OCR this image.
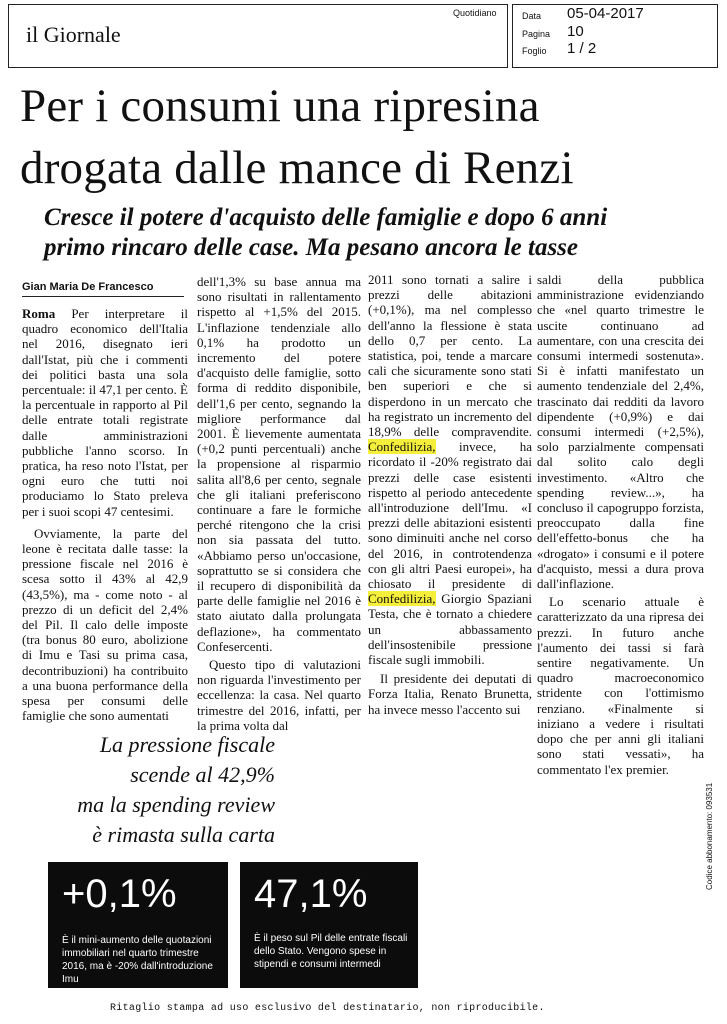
il Giornale
Quotidiano	Data 05-04-2017
Pagina 10
Foglio 1 / 2
Per i consumi una ripresina
drogata dalle mance di Renzi
Cresce il potere d'acquisto delle famiglie e dopo 6 anni
primo rincaro delle case. Ma pesano ancora le tasse
Gian Maria De Francesco

Roma Per interpretare il quadro economico dell'Italia nel 2016, disegnato ieri dall'Istat, più che i commenti dei politici basta una sola percentuale: il 47,1 per cento. È la percentuale in rapporto al Pil delle entrate totali registrate dalle amministrazioni pubbliche l'anno scorso. In pratica, ha reso noto l'Istat, per ogni euro che tutti noi produciamo lo Stato preleva per i suoi scopi 47 centesimi.

Ovviamente, la parte del leone è recitata dalle tasse: la pressione fiscale nel 2016 è scesa sotto il 43% al 42,9 (43,5%), ma - come noto - al prezzo di un deficit del 2,4% del Pil. Il calo delle imposte (tra bonus 80 euro, abolizione di Imu e Tasi su prima casa, decontribuzioni) ha contribuito a una buona performance della spesa per consumi delle famiglie che sono aumentati

dell'1,3% su base annua ma sono risultati in rallentamento rispetto al +1,5% del 2015. L'inflazione tendenziale allo 0,1% ha prodotto un incremento del potere d'acquisto delle famiglie, sotto forma di reddito disponibile, dell'1,6 per cento, segnando la migliore performance dal 2001. È lievemente aumentata (+0,2 punti percentuali) anche la propensione al risparmio salita all'8,6 per cento, segnale che gli italiani preferiscono continuare a fare le formiche perché ritengono che la crisi non sia passata del tutto. «Abbiamo perso un'occasione, soprattutto se si considera che il recupero di disponibilità da parte delle famiglie nel 2016 è stato aiutato dalla prolungata deflazione», ha commentato Confesercenti.

Questo tipo di valutazioni non riguarda l'investimento per eccellenza: la casa. Nel quarto trimestre del 2016, infatti, per la prima volta dal

2011 sono tornati a salire i prezzi delle abitazioni (+0,1%), ma nel complesso dell'anno la flessione è stata dello 0,7 per cento. La statistica, poi, tende a marcare cali che sicuramente sono stati ben superiori e che si disperdono in un mercato che ha registrato un incremento del 18,9% delle compravendite. Confedilizia, invece, ha ricordato il -20% registrato dai prezzi delle case esistenti rispetto al periodo antecedente all'introduzione dell'Imu. «I prezzi delle abitazioni esistenti sono diminuiti anche nel corso del 2016, in controtendenza con gli altri Paesi europei», ha chiosato il presidente di Confedilizia, Giorgio Spaziani Testa, che è tornato a chiedere un abbassamento dell'insostenibile pressione fiscale sugli immobili.

Il presidente dei deputati di Forza Italia, Renato Brunetta, ha invece messo l'accento sui

saldi della pubblica amministrazione evidenziando che «nel quarto trimestre le uscite continuano ad aumentare, con una crescita dei consumi intermedi sostenuta». Si è infatti manifestato un aumento tendenziale del 2,4%, trascinato dai redditi da lavoro dipendente (+0,9%) e dai consumi intermedi (+2,5%), solo parzialmente compensati dal solito calo degli investimento. «Altro che spending review...», ha concluso il capogruppo forzista, preoccupato dalla fine dell'effetto-bonus che ha «drogato» i consumi e il potere d'acquisto, messi a dura prova dall'inflazione.

Lo scenario attuale è caratterizzato da una ripresa dei prezzi. In futuro anche l'aumento dei tassi si farà sentire negativamente. Un quadro macroeconomico stridente con l'ottimismo renziano. «Finalmente si iniziano a vedere i risultati dopo che per anni gli italiani sono stati vessati», ha commentato l'ex premier.

La pressione fiscale
scende al 42,9%
ma la spending review
è rimasta sulla carta
+0,1%
È il mini-aumento delle quotazioni immobiliari nel quarto trimestre 2016, ma è -20% dall'introduzione Imu
47,1%
È il peso sul Pil delle entrate fiscali dello Stato. Vengono spese in stipendi e consumi intermedi
Ritaglio stampa ad uso esclusivo del destinatario, non riproducibile.
Codice abbonamento: 093531
